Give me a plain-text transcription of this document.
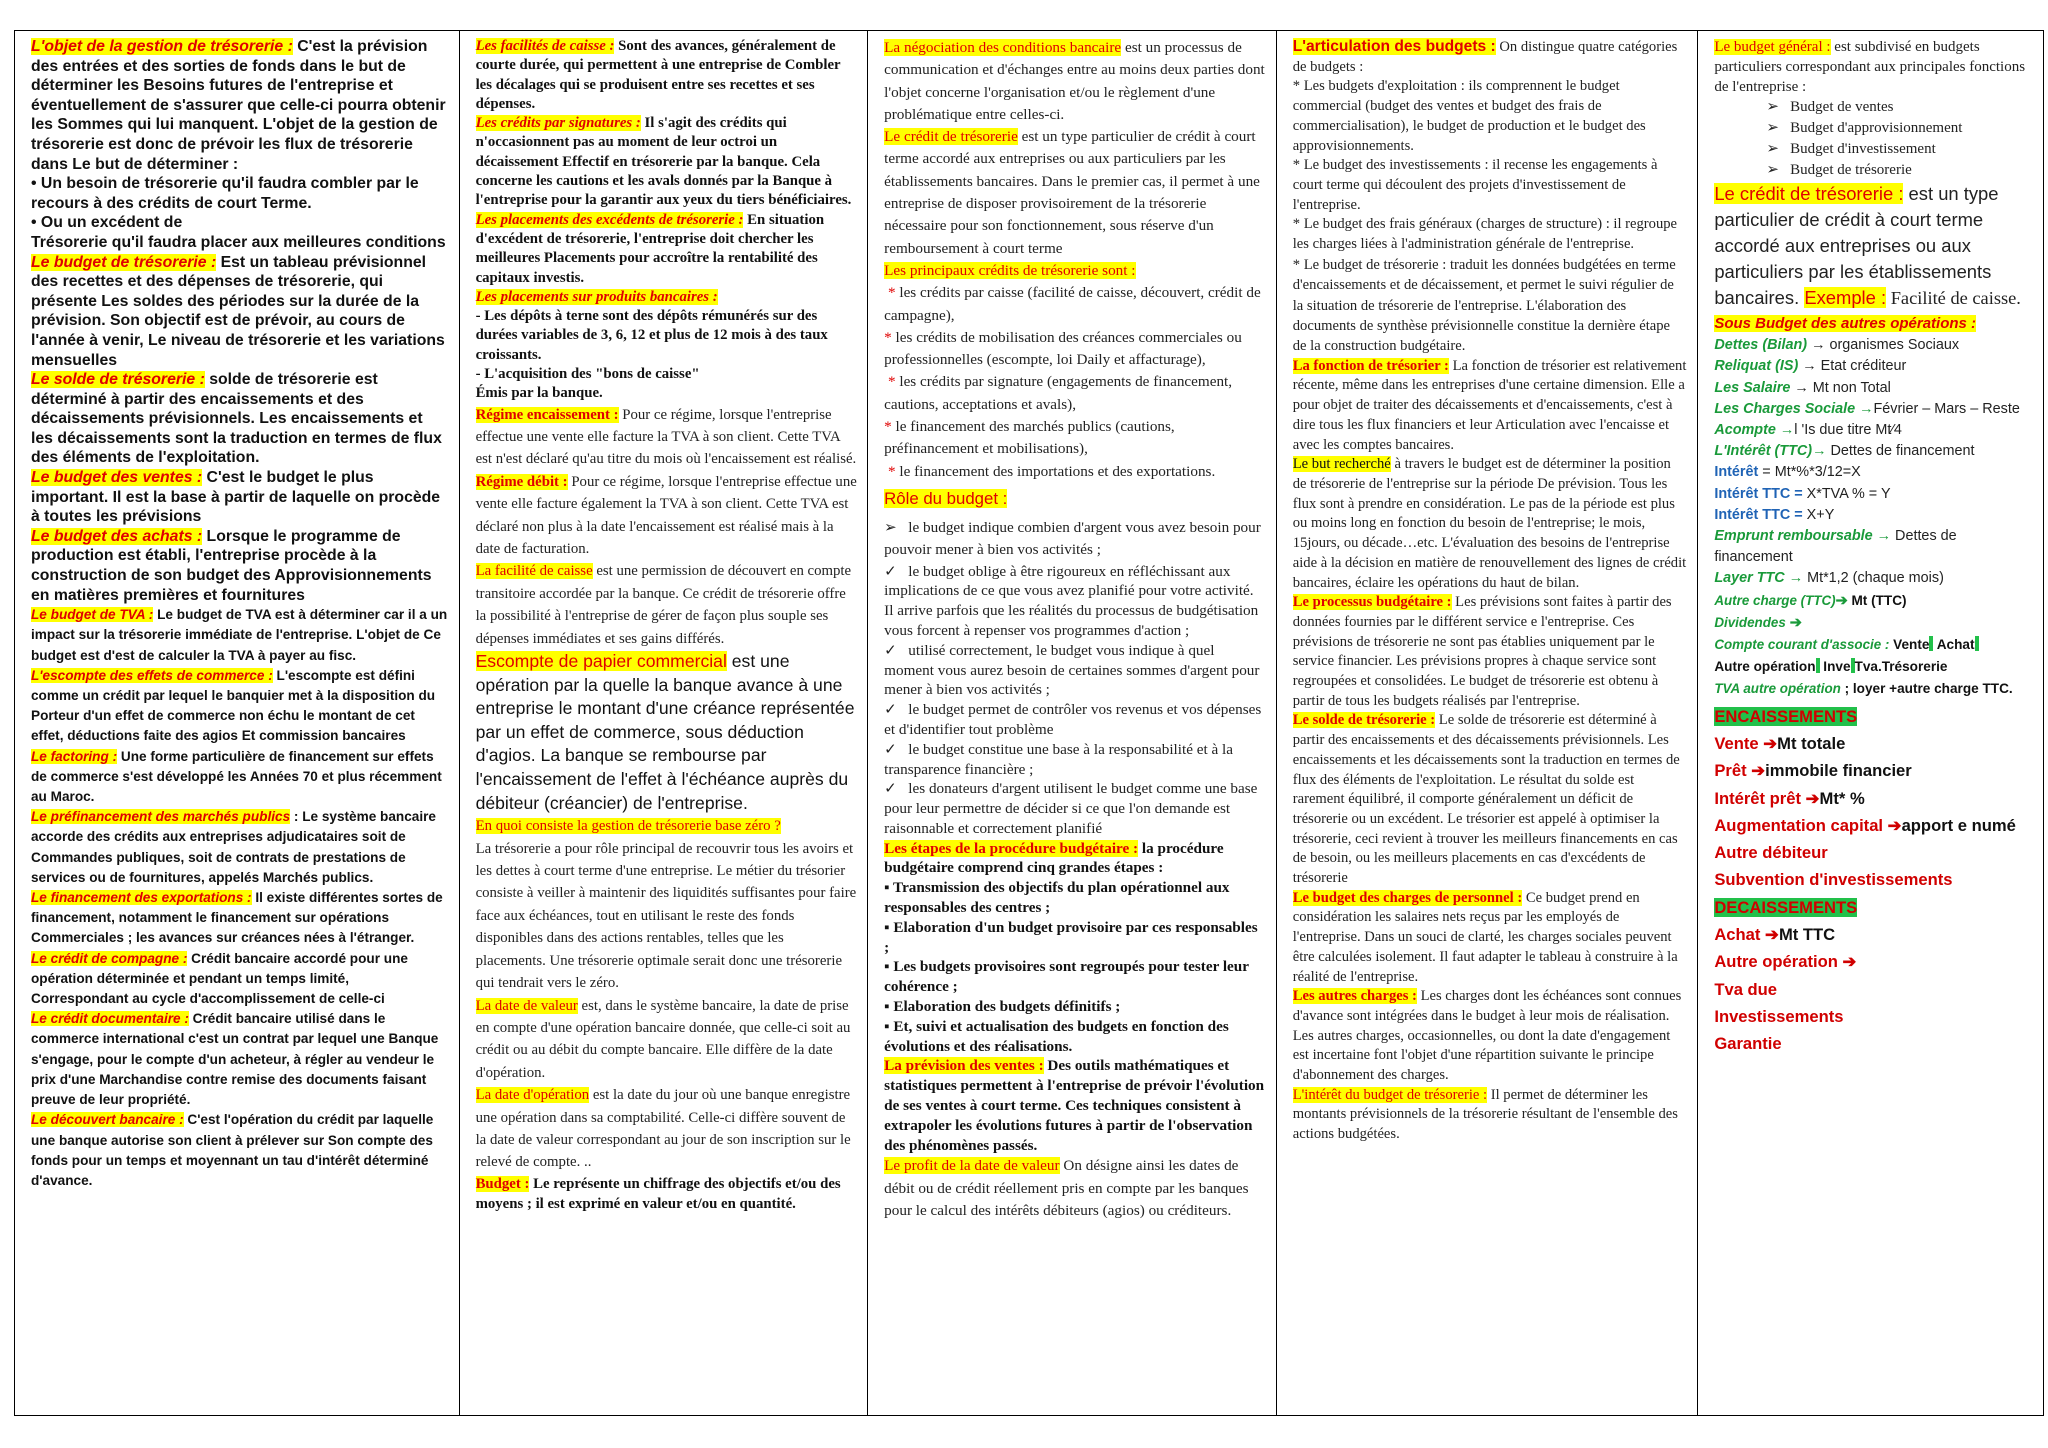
L'objet de la gestion de trésorerie : C'est la prévision des entrées et des sorties de fonds dans le but de déterminer les Besoins futures de l'entreprise et éventuellement de s'assurer que celle-ci pourra obtenir les Sommes qui lui manquent. L'objet de la gestion de trésorerie est donc de prévoir les flux de trésorerie dans Le but de déterminer :

• Un besoin de trésorerie qu'il faudra combler par le recours à des crédits de court Terme.

• Ou un excédent de

Trésorerie qu'il faudra placer aux meilleures conditions

Le budget de trésorerie : Est un tableau prévisionnel des recettes et des dépenses de trésorerie, qui présente Les soldes des périodes sur la durée de la prévision. Son objectif est de prévoir, au cours de l'année à venir, Le niveau de trésorerie et les variations mensuelles

Le solde de trésorerie : solde de trésorerie est déterminé à partir des encaissements et des décaissements prévisionnels. Les encaissements et les décaissements sont la traduction en termes de flux des éléments de l'exploitation.

Le budget des ventes : C'est le budget le plus important. Il est la base à partir de laquelle on procède à toutes les prévisions

Le budget des achats : Lorsque le programme de production est établi, l'entreprise procède à la construction de son budget des Approvisionnements en matières premières et fournitures

Le budget de TVA : Le budget de TVA est à déterminer car il a un impact sur la trésorerie immédiate de l'entreprise. L'objet de Ce budget est d'est de calculer la TVA à payer au fisc.

L'escompte des effets de commerce : L'escompte est défini comme un crédit par lequel le banquier met à la disposition du Porteur d'un effet de commerce non échu le montant de cet effet, déductions faite des agios Et commission bancaires

Le factoring : Une forme particulière de financement sur effets de commerce s'est développé les Années 70 et plus récemment au Maroc.

Le préfinancement des marchés publics : Le système bancaire accorde des crédits aux entreprises adjudicataires soit de Commandes publiques, soit de contrats de prestations de services ou de fournitures, appelés Marchés publics.

Le financement des exportations : Il existe différentes sortes de financement, notamment le financement sur opérations Commerciales ; les avances sur créances nées à l'étranger.

Le crédit de compagne : Crédit bancaire accordé pour une opération déterminée et pendant un temps limité, Correspondant au cycle d'accomplissement de celle-ci

Le crédit documentaire : Crédit bancaire utilisé dans le commerce international c'est un contrat par lequel une Banque s'engage, pour le compte d'un acheteur, à régler au vendeur le prix d'une Marchandise contre remise des documents faisant preuve de leur propriété.

Le découvert bancaire : C'est l'opération du crédit par laquelle une banque autorise son client à prélever sur Son compte des fonds pour un temps et moyennant un tau d'intérêt déterminé d'avance.

Les facilités de caisse : Sont des avances, généralement de courte durée, qui permettent à une entreprise de Combler les décalages qui se produisent entre ses recettes et ses dépenses.

Les crédits par signatures : Il s'agit des crédits qui n'occasionnent pas au moment de leur octroi un décaissement Effectif en trésorerie par la banque. Cela concerne les cautions et les avals donnés par la Banque à l'entreprise pour la garantir aux yeux du tiers bénéficiaires.

Les placements des excédents de trésorerie : En situation d'excédent de trésorerie, l'entreprise doit chercher les meilleures Placements pour accroître la rentabilité des capitaux investis.

Les placements sur produits bancaires :

- Les dépôts à terne sont des dépôts rémunérés sur des durées variables de 3, 6, 12 et plus de 12 mois à des taux croissants.

- L'acquisition des "bons de caisse"

Émis par la banque.

Régime encaissement : Pour ce régime, lorsque l'entreprise effectue une vente elle facture la TVA à son client. Cette TVA est n'est déclaré qu'au titre du mois où l'encaissement est réalisé.

Régime débit : Pour ce régime, lorsque l'entreprise effectue une vente elle facture également la TVA à son client. Cette TVA est déclaré non plus à la date l'encaissement est réalisé mais à la date de facturation.

La facilité de caisse est une permission de découvert en compte transitoire accordée par la banque. Ce crédit de trésorerie offre la possibilité à l'entreprise de gérer de façon plus souple ses dépenses immédiates et ses gains différés.

Escompte de papier commercial est une opération par la quelle la banque avance à une entreprise le montant d'une créance représentée par un effet de commerce, sous déduction d'agios. La banque se rembourse par l'encaissement de l'effet à l'échéance auprès du débiteur (créancier) de l'entreprise.

En quoi consiste la gestion de trésorerie base zéro ?

La trésorerie a pour rôle principal de recouvrir tous les avoirs et les dettes à court terme d'une entreprise. Le métier du trésorier consiste à veiller à maintenir des liquidités suffisantes pour faire face aux échéances, tout en utilisant le reste des fonds disponibles dans des actions rentables, telles que les placements. Une trésorerie optimale serait donc une trésorerie qui tendrait vers le zéro.

La date de valeur est, dans le système bancaire, la date de prise en compte d'une opération bancaire donnée, que celle-ci soit au crédit ou au débit du compte bancaire. Elle diffère de la date d'opération.

La date d'opération est la date du jour où une banque enregistre une opération dans sa comptabilité. Celle-ci diffère souvent de la date de valeur correspondant au jour de son inscription sur le relevé de compte. ..

Budget : Le représente un chiffrage des objectifs et/ou des moyens ; il est exprimé en valeur et/ou en quantité.

La négociation des conditions bancaire est un processus de communication et d'échanges entre au moins deux parties dont l'objet concerne l'organisation et/ou le règlement d'une problématique entre celles-ci.

Le crédit de trésorerie est un type particulier de crédit à court terme accordé aux entreprises ou aux particuliers par les établissements bancaires. Dans le premier cas, il permet à une entreprise de disposer provisoirement de la trésorerie nécessaire pour son fonctionnement, sous réserve d'un remboursement à court terme

Les principaux crédits de trésorerie sont :

* les crédits par caisse (facilité de caisse, découvert, crédit de campagne),

* les crédits de mobilisation des créances commerciales ou professionnelles (escompte, loi Daily et affacturage),

* les crédits par signature (engagements de financement, cautions, acceptations et avals),

* le financement des marchés publics (cautions, préfinancement et mobilisations),

* le financement des importations et des exportations.

Rôle du budget :

➢ le budget indique combien d'argent vous avez besoin pour pouvoir mener à bien vos activités ;

✓ le budget oblige à être rigoureux en réfléchissant aux implications de ce que vous avez planifié pour votre activité. Il arrive parfois que les réalités du processus de budgétisation vous forcent à repenser vos programmes d'action ;

✓ utilisé correctement, le budget vous indique à quel moment vous aurez besoin de certaines sommes d'argent pour mener à bien vos activités ;

✓ le budget permet de contrôler vos revenus et vos dépenses et d'identifier tout problème

✓ le budget constitue une base à la responsabilité et à la transparence financière ;

✓ les donateurs d'argent utilisent le budget comme une base pour leur permettre de décider si ce que l'on demande est raisonnable et correctement planifié

Les étapes de la procédure budgétaire : la procédure budgétaire comprend cinq grandes étapes :

▪ Transmission des objectifs du plan opérationnel aux responsables des centres ;

▪ Elaboration d'un budget provisoire par ces responsables ;

▪ Les budgets provisoires sont regroupés pour tester leur cohérence ;

▪ Elaboration des budgets définitifs ;

▪ Et, suivi et actualisation des budgets en fonction des évolutions et des réalisations.

La prévision des ventes : Des outils mathématiques et statistiques permettent à l'entreprise de prévoir l'évolution de ses ventes à court terme. Ces techniques consistent à extrapoler les évolutions futures à partir de l'observation des phénomènes passés.

Le profit de la date de valeur On désigne ainsi les dates de débit ou de crédit réellement pris en compte par les banques pour le calcul des intérêts débiteurs (agios) ou créditeurs.

L'articulation des budgets : On distingue quatre catégories de budgets :

* Les budgets d'exploitation : ils comprennent le budget commercial (budget des ventes et budget des frais de commercialisation), le budget de production et le budget des approvisionnements.

* Le budget des investissements : il recense les engagements à court terme qui découlent des projets d'investissement de l'entreprise.

* Le budget des frais généraux (charges de structure) : il regroupe les charges liées à l'administration générale de l'entreprise.

* Le budget de trésorerie : traduit les données budgétées en terme d'encaissements et de décaissement, et permet le suivi régulier de la situation de trésorerie de l'entreprise. L'élaboration des documents de synthèse prévisionnelle constitue la dernière étape de la construction budgétaire.

La fonction de trésorier : La fonction de trésorier est relativement récente, même dans les entreprises d'une certaine dimension. Elle a pour objet de traiter des décaissements et d'encaissements, c'est à dire tous les flux financiers et leur Articulation avec l'encaisse et avec les comptes bancaires.

Le but recherché à travers le budget est de déterminer la position de trésorerie de l'entreprise sur la période De prévision. Tous les flux sont à prendre en considération. Le pas de la période est plus ou moins long en fonction du besoin de l'entreprise; le mois, 15jours, ou décade…etc. L'évaluation des besoins de l'entreprise aide à la décision en matière de renouvellement des lignes de crédit bancaires, éclaire les opérations du haut de bilan.

Le processus budgétaire : Les prévisions sont faites à partir des données fournies par le différent service e l'entreprise. Ces prévisions de trésorerie ne sont pas établies uniquement par le service financier. Les prévisions propres à chaque service sont regroupées et consolidées. Le budget de trésorerie est obtenu à partir de tous les budgets réalisés par l'entreprise.

Le solde de trésorerie : Le solde de trésorerie est déterminé à partir des encaissements et des décaissements prévisionnels. Les encaissements et les décaissements sont la traduction en termes de flux des éléments de l'exploitation. Le résultat du solde est rarement équilibré, il comporte généralement un déficit de trésorerie ou un excédent. Le trésorier est appelé à optimiser la trésorerie, ceci revient à trouver les meilleurs financements en cas de besoin, ou les meilleurs placements en cas d'excédents de trésorerie

Le budget des charges de personnel : Ce budget prend en considération les salaires nets reçus par les employés de l'entreprise. Dans un souci de clarté, les charges sociales peuvent être calculées isolement. Il faut adapter le tableau à construire à la réalité de l'entreprise.

Les autres charges : Les charges dont les échéances sont connues d'avance sont intégrées dans le budget à leur mois de réalisation. Les autres charges, occasionnelles, ou dont la date d'engagement est incertaine font l'objet d'une répartition suivante le principe d'abonnement des charges.

L'intérêt du budget de trésorerie : Il permet de déterminer les montants prévisionnels de la trésorerie résultant de l'ensemble des actions budgétées.

Le budget général : est subdivisé en budgets particuliers correspondant aux principales fonctions de l'entreprise :

➢   Budget de ventes
➢   Budget d'approvisionnement
➢   Budget d'investissement
➢   Budget de trésorerie

Le crédit de trésorerie : est un type particulier de crédit à court terme accordé aux entreprises ou aux particuliers par les établissements bancaires. Exemple : Facilité de caisse.

Sous Budget des autres opérations :

Dettes (Bilan) → organismes Sociaux

Reliquat (IS) → Etat créditeur

Les Salaire → Mt non Total

Les Charges Sociale →Février – Mars – Reste

Acompte →l 'Is due titre Mt⁄4

L'Intérêt (TTC)→ Dettes de financement

Intérêt = Mt*%*3/12=X

Intérêt TTC = X*TVA % = Y

Intérêt TTC = X+Y

Emprunt remboursable → Dettes de financement

Layer TTC → Mt*1,2 (chaque mois)

Autre charge (TTC)➔ Mt (TTC)

Dividendes ➔

Compte courant d'associe : Vente Achat

Autre opération Inve Tva.Trésorerie

TVA autre opération ; loyer +autre charge TTC.

ENCAISSEMENTS
Vente ➔Mt totale
Prêt ➔immobile financier
Intérêt prêt ➔Mt* %
Augmentation capital ➔apport e numé
Autre débiteur
Subvention d'investissements
DECAISSEMENTS
Achat ➔Mt TTC
Autre opération ➔
Tva due
Investissements
Garantie
